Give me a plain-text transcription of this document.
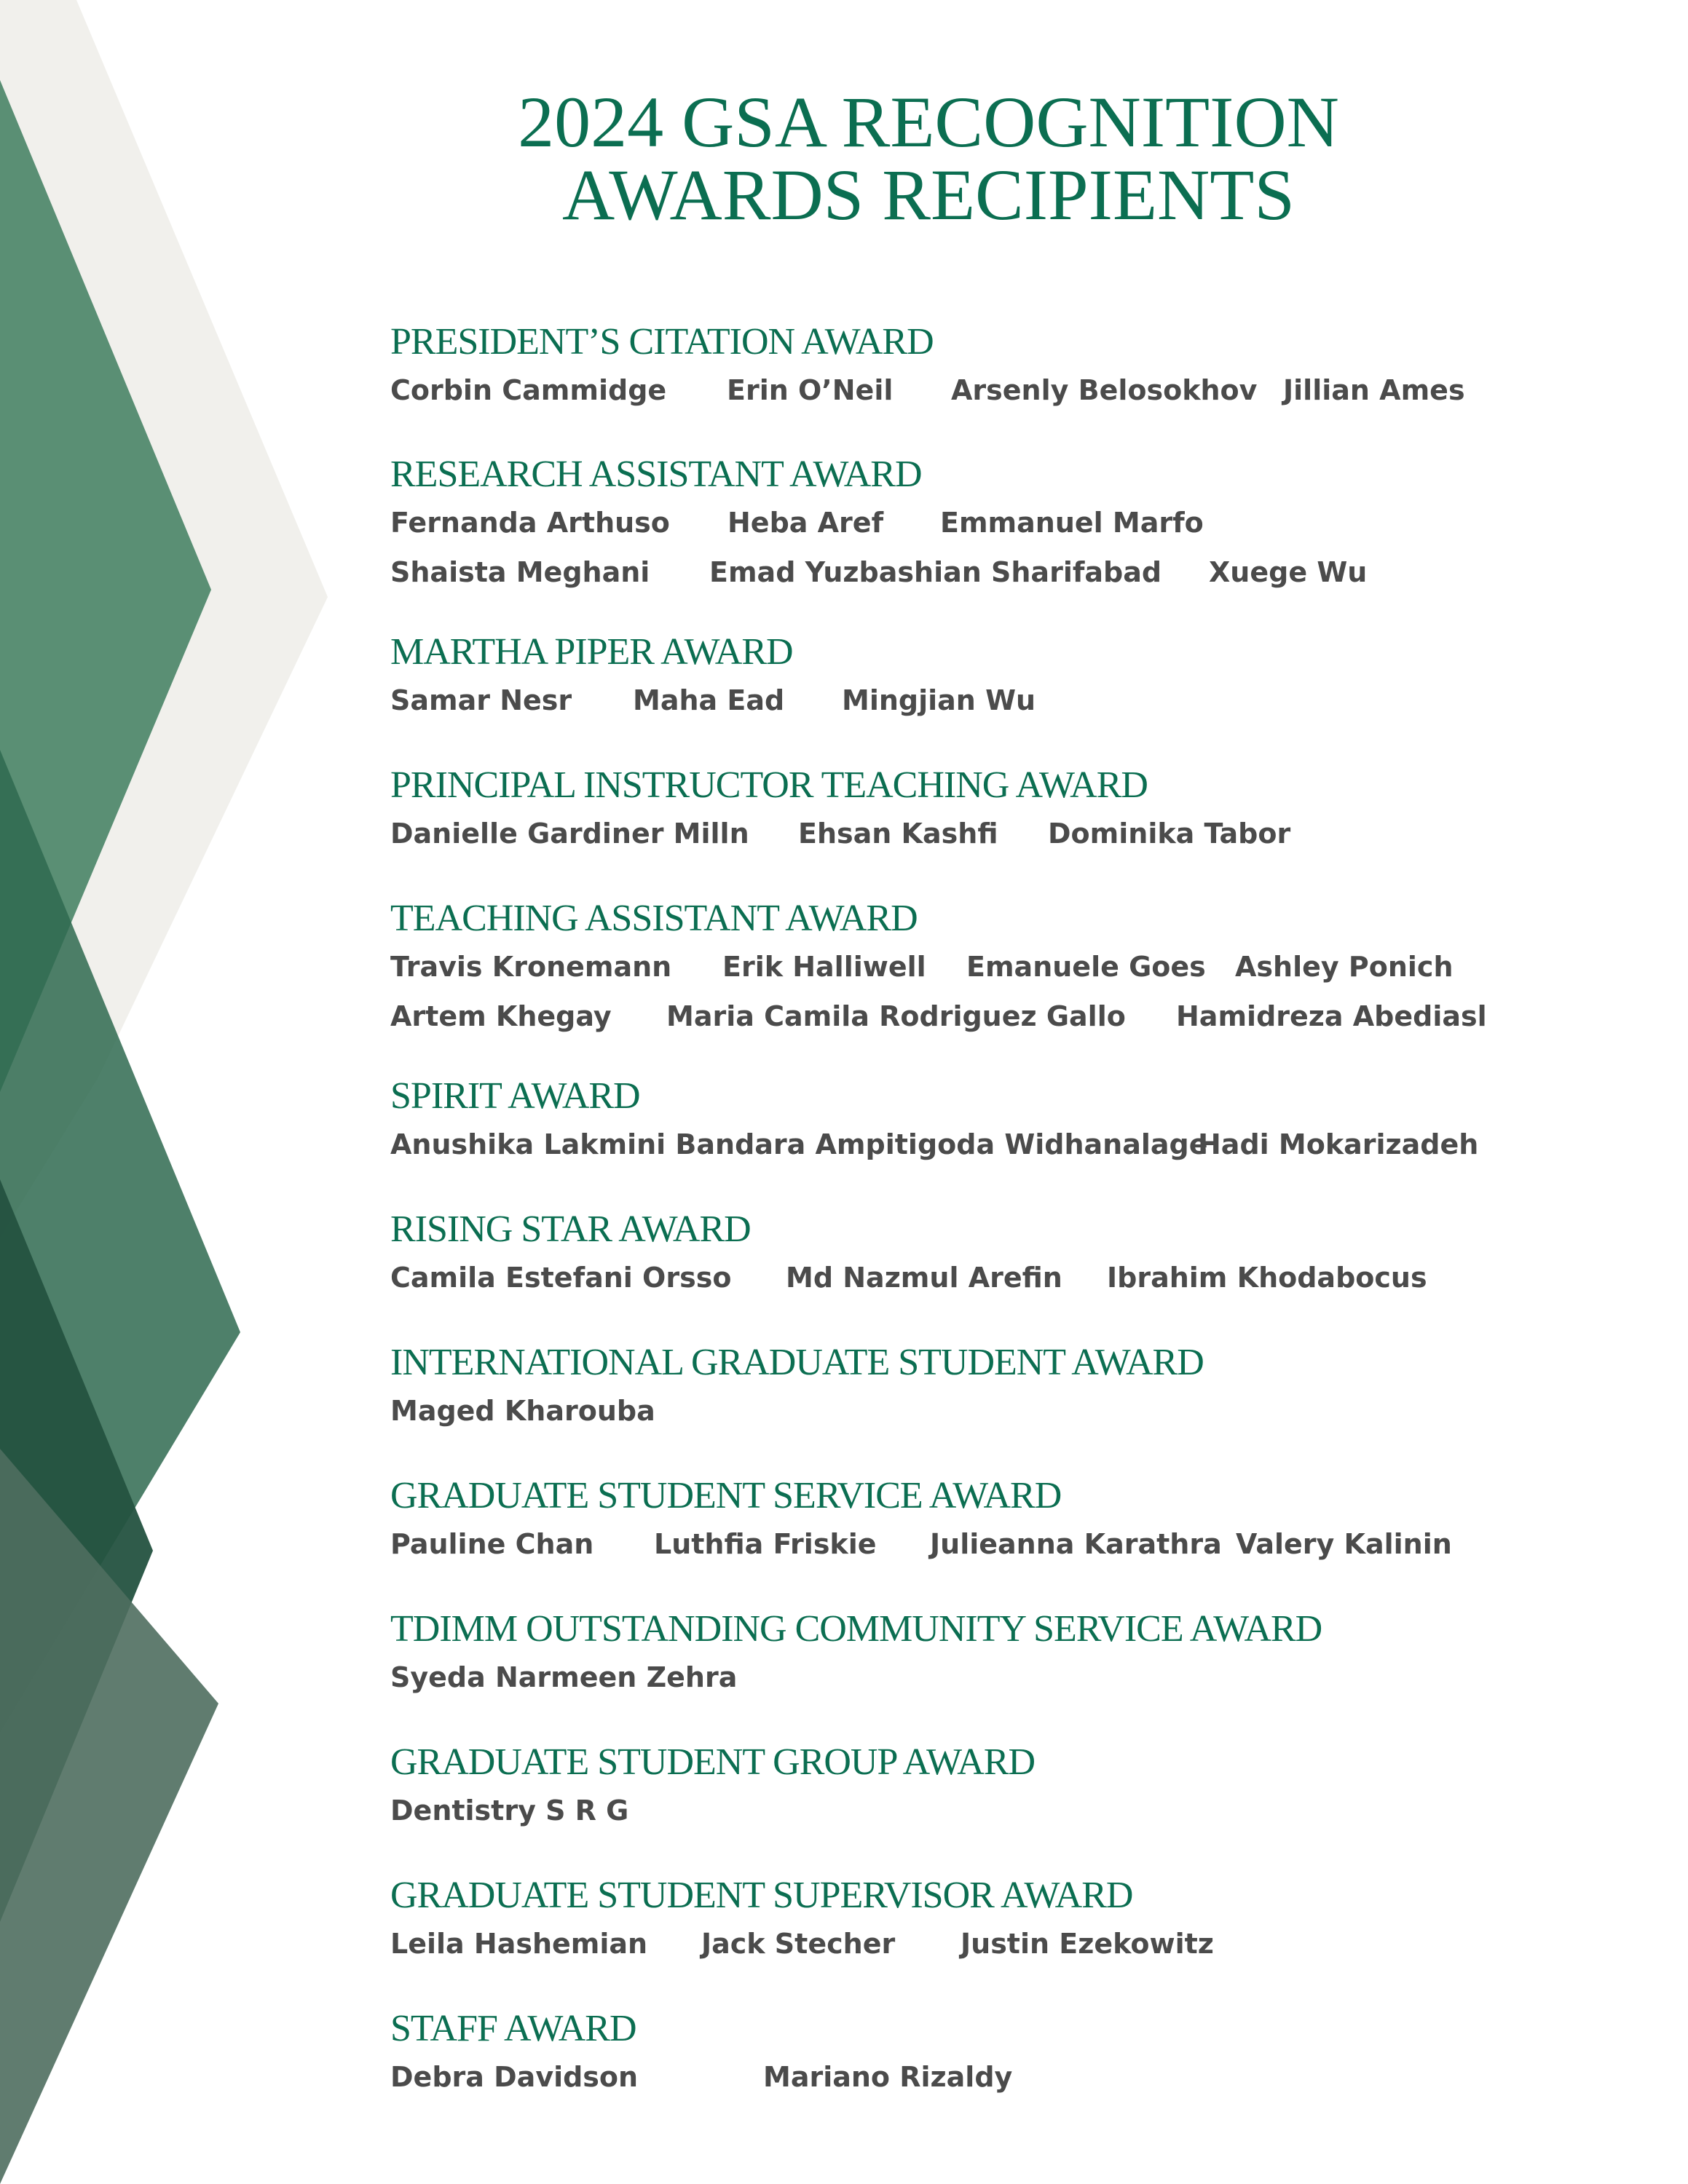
2024 GSA RECOGNITION
AWARDS RECIPIENTS
PRESIDENT’S CITATION AWARD
Corbin Cammidge Erin O’Neil Arsenly Belosokhov Jillian Ames
RESEARCH ASSISTANT AWARD
Fernanda Arthuso Heba Aref Emmanuel Marfo
Shaista Meghani Emad Yuzbashian Sharifabad Xuege Wu
MARTHA PIPER AWARD
Samar Nesr Maha Ead Mingjian Wu
PRINCIPAL INSTRUCTOR TEACHING AWARD
Danielle Gardiner Milln Ehsan Kashfi Dominika Tabor
TEACHING ASSISTANT AWARD
Travis Kronemann Erik Halliwell Emanuele Goes Ashley Ponich
Artem Khegay Maria Camila Rodriguez Gallo Hamidreza Abediasl
SPIRIT AWARD
Anushika Lakmini Bandara Ampitigoda Widhanalage
Hadi Mokarizadeh
RISING STAR AWARD
Camila Estefani Orsso Md Nazmul Arefin Ibrahim Khodabocus
INTERNATIONAL GRADUATE STUDENT AWARD
Maged Kharouba
GRADUATE STUDENT SERVICE AWARD
Pauline Chan Luthfia Friskie Julieanna Karathra Valery Kalinin
TDIMM OUTSTANDING COMMUNITY SERVICE AWARD
Syeda Narmeen Zehra
GRADUATE STUDENT GROUP AWARD
Dentistry S R G
GRADUATE STUDENT SUPERVISOR AWARD
Leila Hashemian Jack Stecher Justin Ezekowitz
STAFF AWARD
Debra Davidson	Mariano Rizaldy
